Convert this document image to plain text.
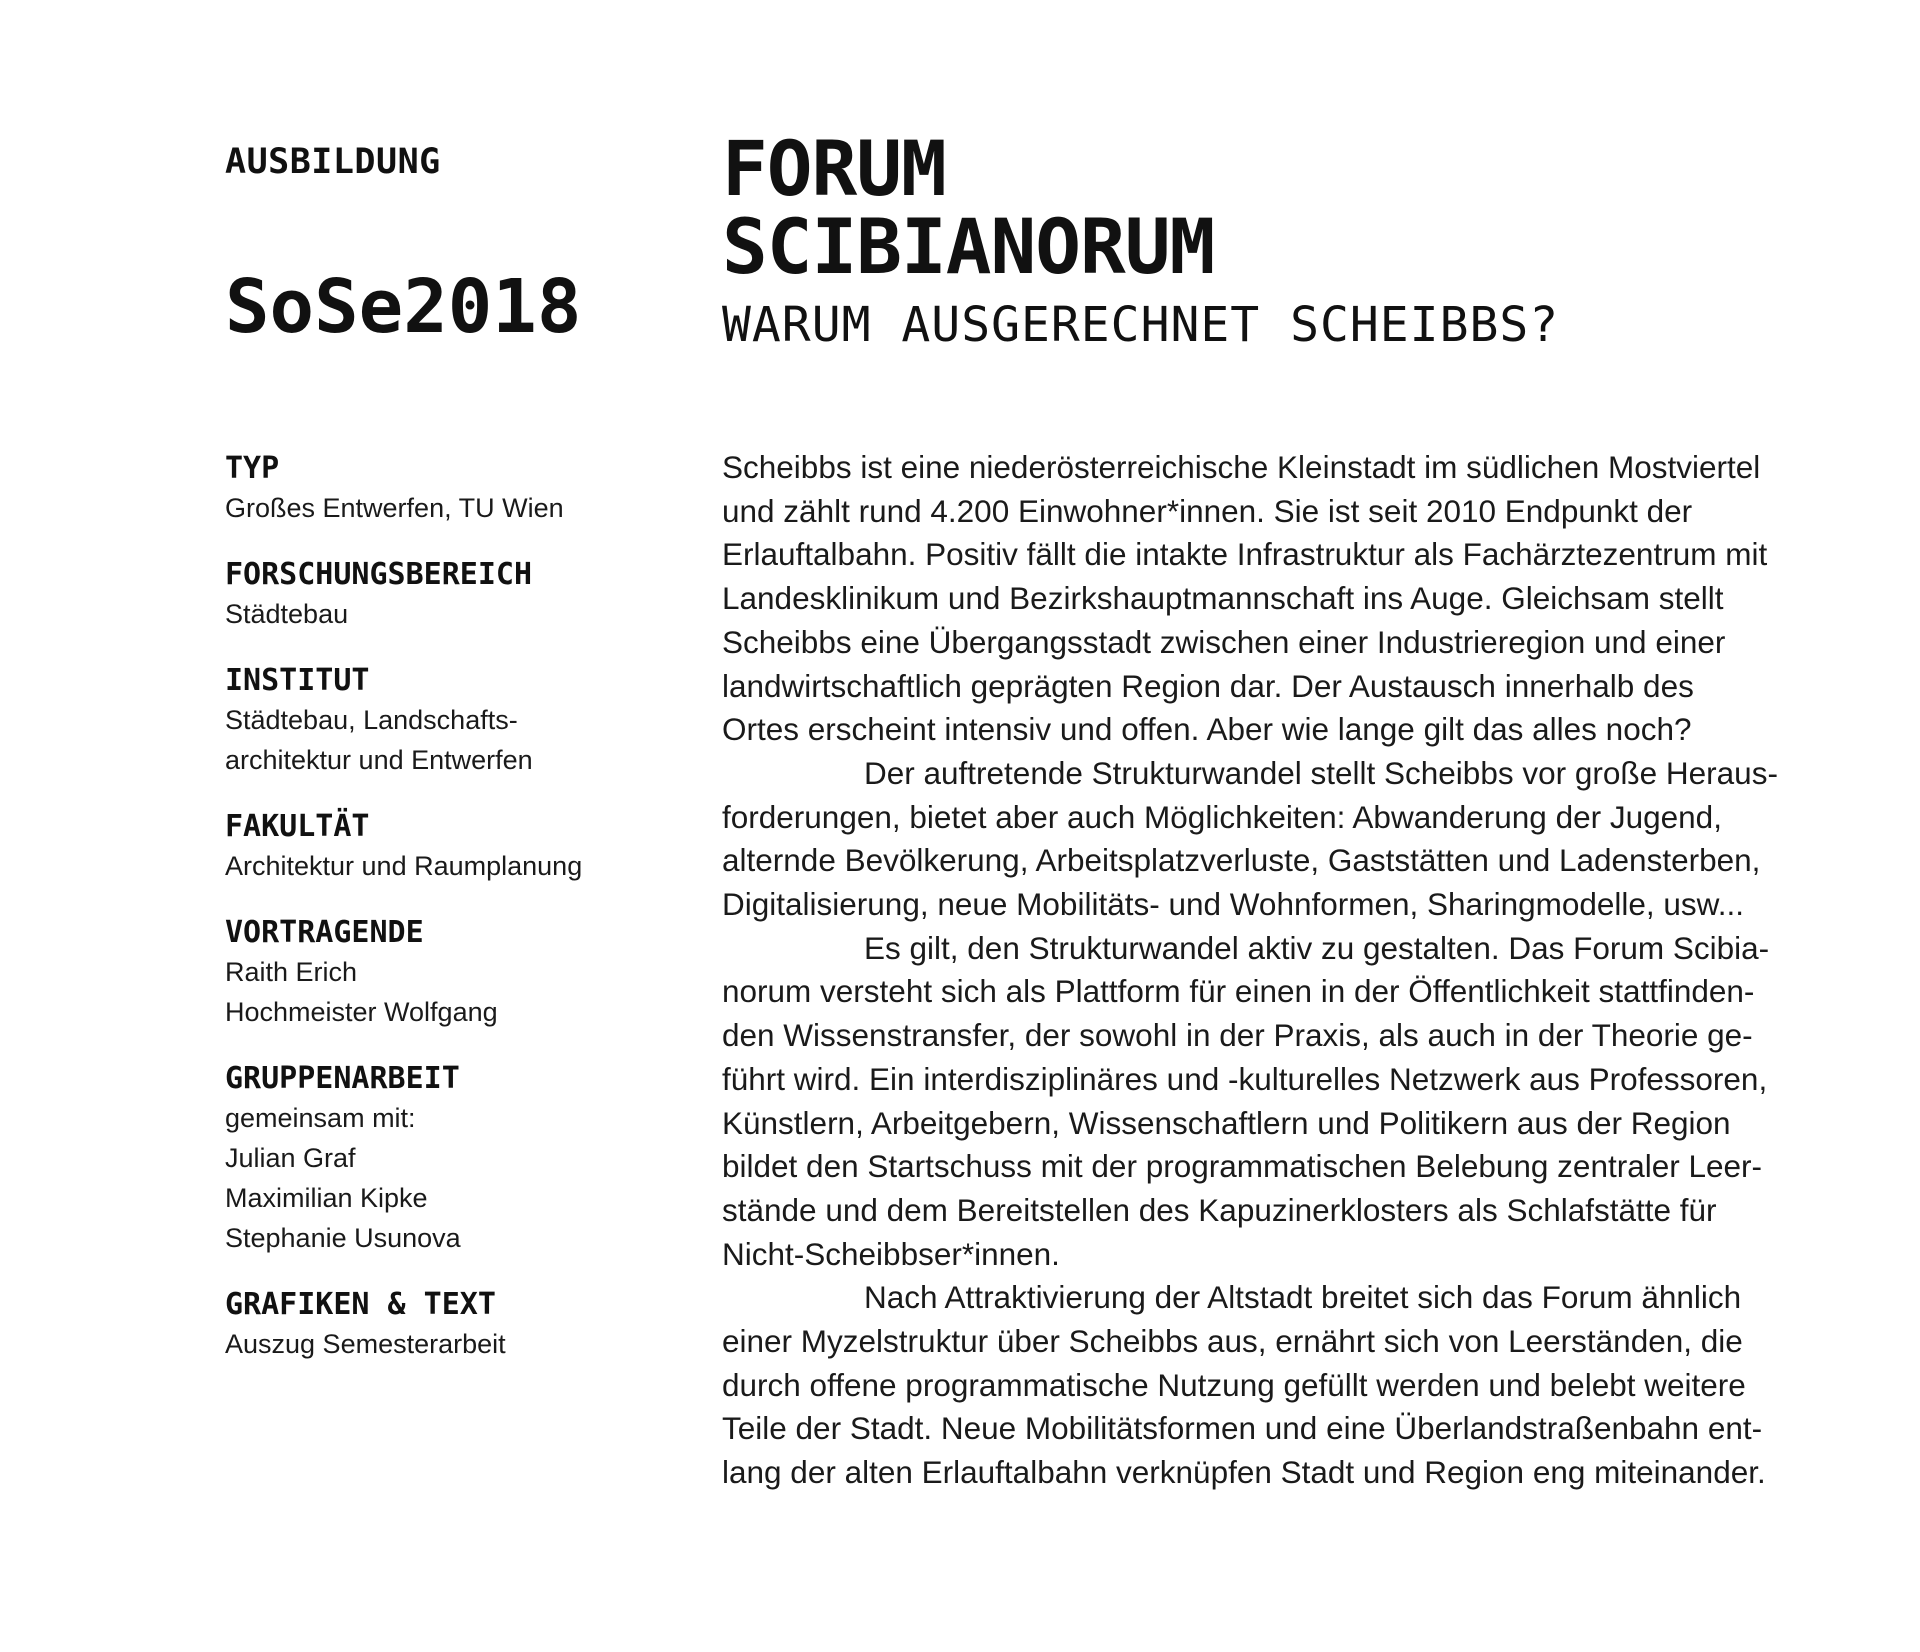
AUSBILDUNG
SoSe2018
TYP
Großes Entwerfen, TU Wien
FORSCHUNGSBEREICH
Städtebau
INSTITUT
Städtebau, Landschafts-
architektur und Entwerfen
FAKULTÄT
Architektur und Raumplanung
VORTRAGENDE
Raith Erich
Hochmeister Wolfgang
GRUPPENARBEIT
gemeinsam mit:
Julian Graf
Maximilian Kipke
Stephanie Usunova
GRAFIKEN & TEXT
Auszug Semesterarbeit
FORUM
SCIBIANORUM
WARUM AUSGERECHNET SCHEIBBS?
Scheibbs ist eine niederösterreichische Kleinstadt im südlichen Mostviertel
und zählt rund 4.200 Einwohner*innen. Sie ist seit 2010 Endpunkt der
Erlauftalbahn. Positiv fällt die intakte Infrastruktur als Fachärztezentrum mit
Landesklinikum und Bezirkshauptmannschaft ins Auge. Gleichsam stellt
Scheibbs eine Übergangsstadt zwischen einer Industrieregion und einer
landwirtschaftlich geprägten Region dar. Der Austausch innerhalb des
Ortes erscheint intensiv und offen. Aber wie lange gilt das alles noch?
Der auftretende Strukturwandel stellt Scheibbs vor große Heraus-
forderungen, bietet aber auch Möglichkeiten: Abwanderung der Jugend,
alternde Bevölkerung, Arbeitsplatzverluste, Gaststätten und Ladensterben,
Digitalisierung, neue Mobilitäts- und Wohnformen, Sharingmodelle, usw...
Es gilt, den Strukturwandel aktiv zu gestalten. Das Forum Scibia-
norum versteht sich als Plattform für einen in der Öffentlichkeit stattfinden-
den Wissenstransfer, der sowohl in der Praxis, als auch in der Theorie ge-
führt wird. Ein interdisziplinäres und -kulturelles Netzwerk aus Professoren,
Künstlern, Arbeitgebern, Wissenschaftlern und Politikern aus der Region
bildet den Startschuss mit der programmatischen Belebung zentraler Leer-
stände und dem Bereitstellen des Kapuzinerklosters als Schlafstätte für
Nicht-Scheibbser*innen.
Nach Attraktivierung der Altstadt breitet sich das Forum ähnlich
einer Myzelstruktur über Scheibbs aus, ernährt sich von Leerständen, die
durch offene programmatische Nutzung gefüllt werden und belebt weitere
Teile der Stadt. Neue Mobilitätsformen und eine Überlandstraßenbahn ent-
lang der alten Erlauftalbahn verknüpfen Stadt und Region eng miteinander.
